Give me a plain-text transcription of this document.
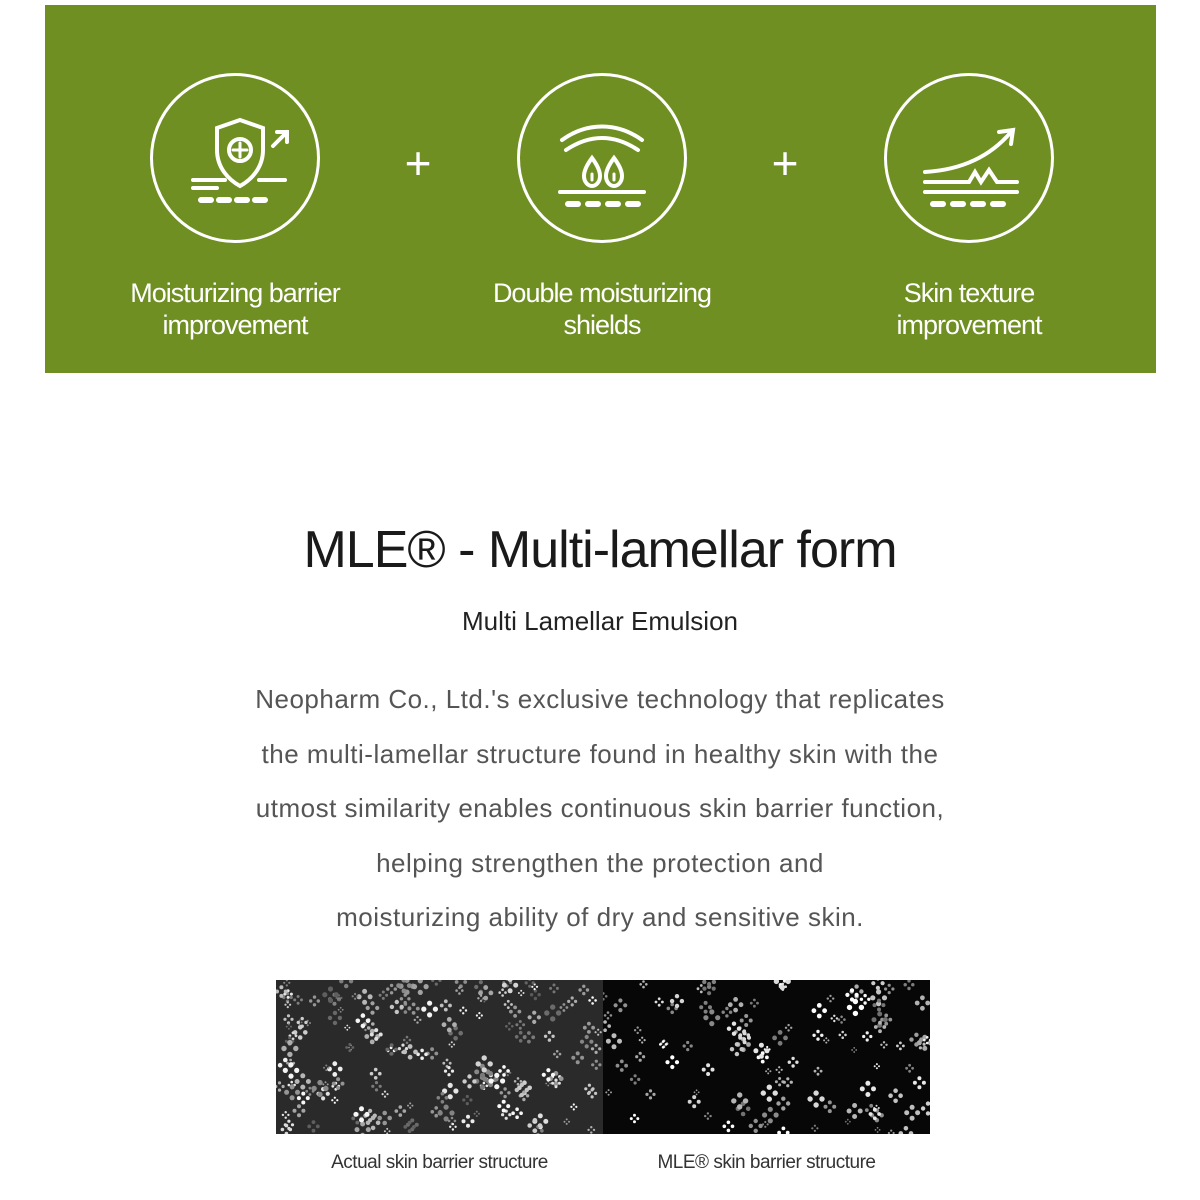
Moisturizing barrier
improvement
+
Double moisturizing
shields
+
Skin texture
improvement
MLE® - Multi-lamellar form
Multi Lamellar Emulsion
Neopharm Co., Ltd.'s exclusive technology that replicates
the multi-lamellar structure found in healthy skin with the
utmost similarity enables continuous skin barrier function,
helping strengthen the protection and
moisturizing ability of dry and sensitive skin.
Actual skin barrier structure	MLE® skin barrier structure
